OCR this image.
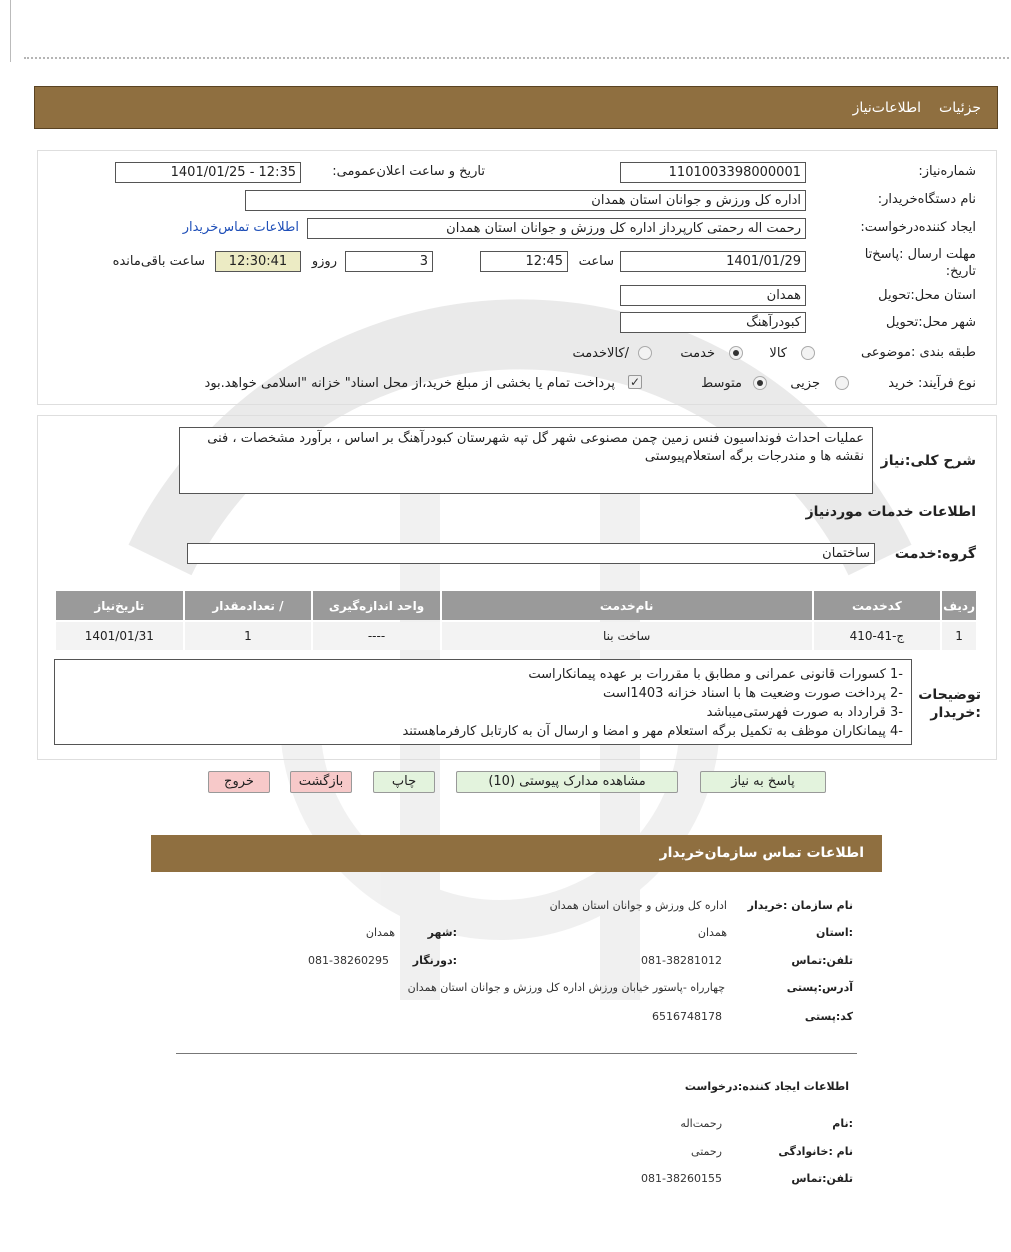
جزئیات
اطلاعات‌نیاز
شماره‌نیاز:
1101003398000001
تاریخ و ساعت اعلان‌عمومی:
1401/01/25 - 12:35
نام دستگاه‌خریدار:
اداره کل ورزش و جوانان استان همدان
ایجاد کننده‌درخواست:
رحمت اله رحمتی کارپرداز اداره کل ورزش و جوانان استان همدان
اطلاعات تماس‌خریدار
مهلت ارسال :پاسخ‌تا تاریخ:
1401/01/29
ساعت
12:45
3
روزو
12:30:41
ساعت باقی‌مانده
استان محل:تحویل
همدان
شهر محل:تحویل
کبودرآهنگ
طبقه بندی :موضوعی
کالا
خدمت
/کالاخدمت
نوع فرآیند: خرید
جزیی
متوسط
✓
پرداخت تمام یا بخشی از مبلغ خرید،از محل اسناد" خزانه "اسلامی خواهد.بود
شرح کلی:نیاز
عملیات احداث فونداسیون فنس زمین چمن مصنوعی شهر گل تپه شهرستان کبودرآهنگ بر اساس ، برآورد مشخصات ، فنی نقشه ها و مندرجات برگه استعلام‌پیوستی
اطلاعات خدمات موردنیاز
گروه:خدمت
ساختمان
ردیف	کدخدمت	نام‌خدمت	واحد اندازه‌گیری	/ تعدادمقدار	تاریخ‌نیاز
1	ج-41-410	ساخت بنا	----	1	1401/01/31
توضیحات :خریدار
-1 کسورات قانونی عمرانی و مطابق با مقررات بر عهده پیمانکاراست
-2 پرداخت صورت وضعیت ها با اسناد خزانه 1403است
-3 قرارداد به صورت فهرستی‌میباشد
-4 پیمانکاران موظف به تکمیل برگه استعلام مهر و امضا و ارسال آن به کارتابل کارفرماهستند
پاسخ به نیاز
مشاهده مدارک پیوستی (10)
چاپ
بازگشت
خروج
اطلاعات تماس سازمان‌خریدار
نام سازمان :خریدار
اداره کل ورزش و جوانان استان همدان
:استان
همدان
:شهر
همدان
تلفن:تماس
081-38281012
:دورنگار
081-38260295
آدرس:پستی
چهارراه -پاستور خیابان ورزش اداره کل ورزش و جوانان استان همدان
کد:پستی
6516748178
اطلاعات ایجاد کننده:درخواست
:نام
رحمت‌اله
نام :خانوادگی
رحمتی
تلفن:تماس
081-38260155
